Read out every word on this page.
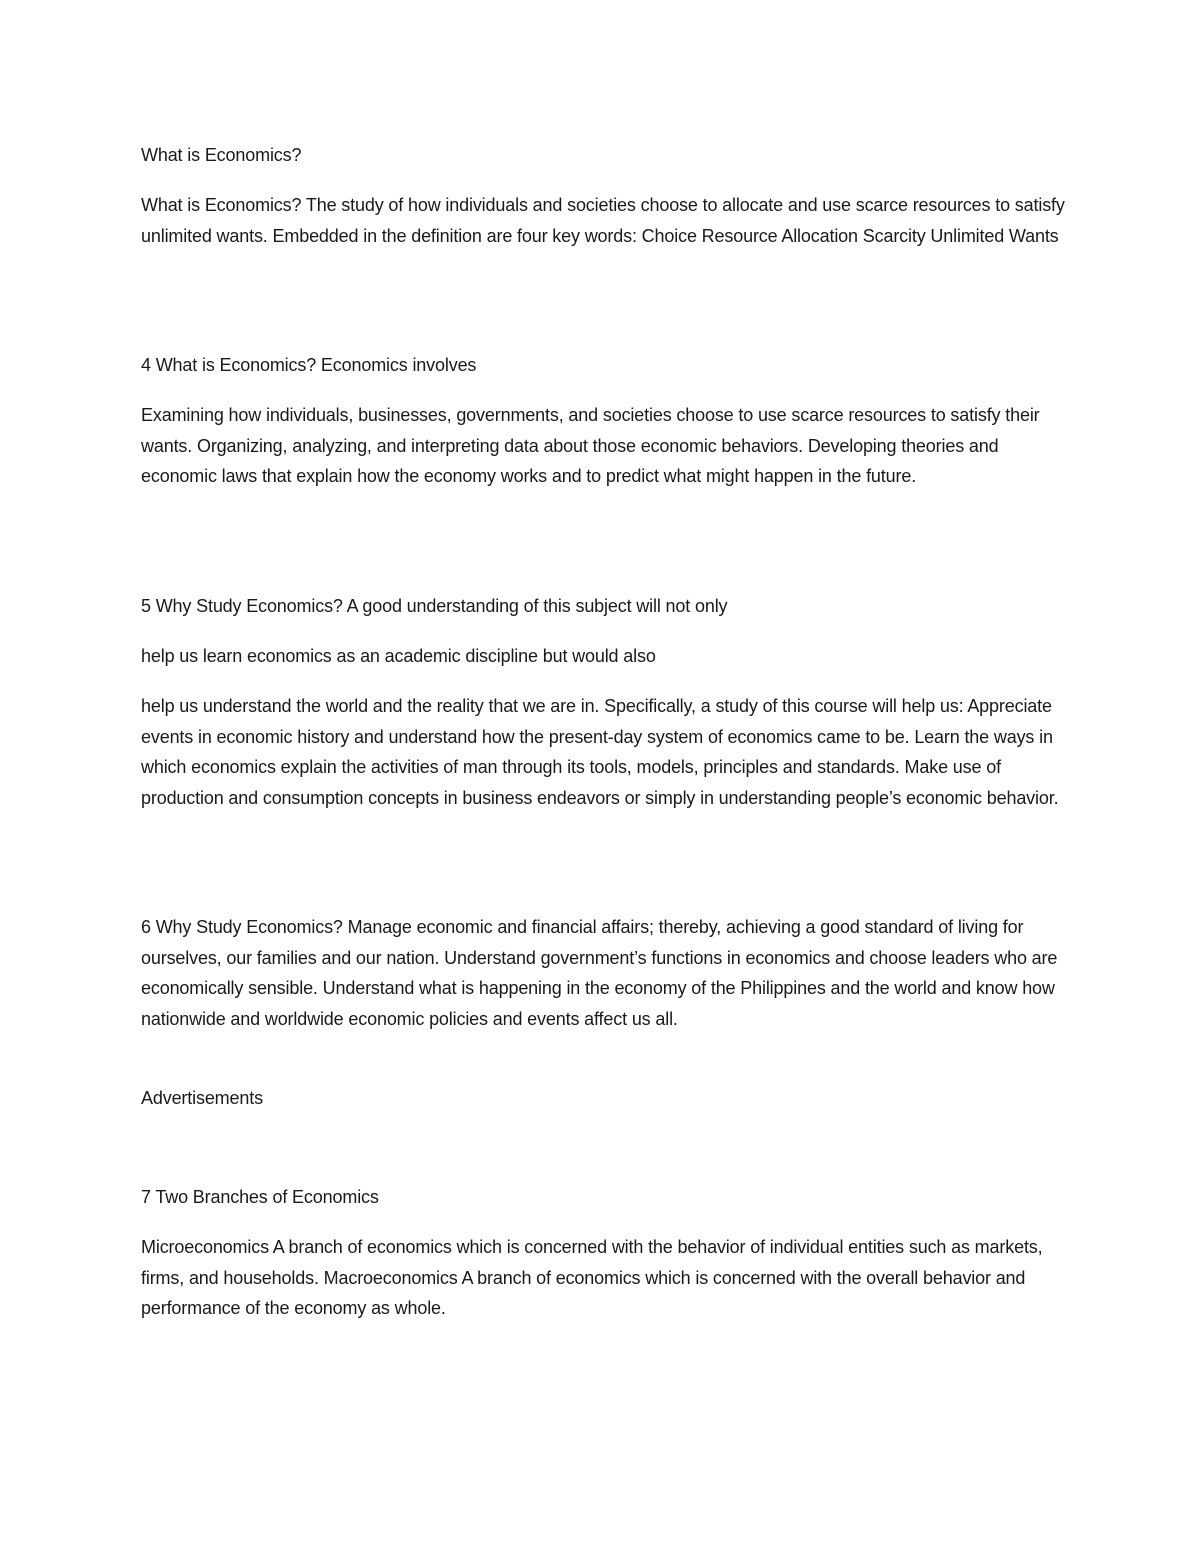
What is Economics?

What is Economics? The study of how individuals and societies choose to allocate and use scarce resources to satisfy unlimited wants. Embedded in the definition are four key words: Choice Resource Allocation Scarcity Unlimited Wants

4 What is Economics? Economics involves

Examining how individuals, businesses, governments, and societies choose to use scarce resources to satisfy their wants. Organizing, analyzing, and interpreting data about those economic behaviors. Developing theories and economic laws that explain how the economy works and to predict what might happen in the future.

5 Why Study Economics? A good understanding of this subject will not only

help us learn economics as an academic discipline but would also

help us understand the world and the reality that we are in. Specifically, a study of this course will help us: Appreciate events in economic history and understand how the present-day system of economics came to be. Learn the ways in which economics explain the activities of man through its tools, models, principles and standards. Make use of production and consumption concepts in business endeavors or simply in understanding people’s economic behavior.

6 Why Study Economics? Manage economic and financial affairs; thereby, achieving a good standard of living for ourselves, our families and our nation. Understand government’s functions in economics and choose leaders who are economically sensible. Understand what is happening in the economy of the Philippines and the world and know how nationwide and worldwide economic policies and events affect us all.

Advertisements

7 Two Branches of Economics

Microeconomics A branch of economics which is concerned with the behavior of individual entities such as markets, firms, and households. Macroeconomics A branch of economics which is concerned with the overall behavior and performance of the economy as whole.
